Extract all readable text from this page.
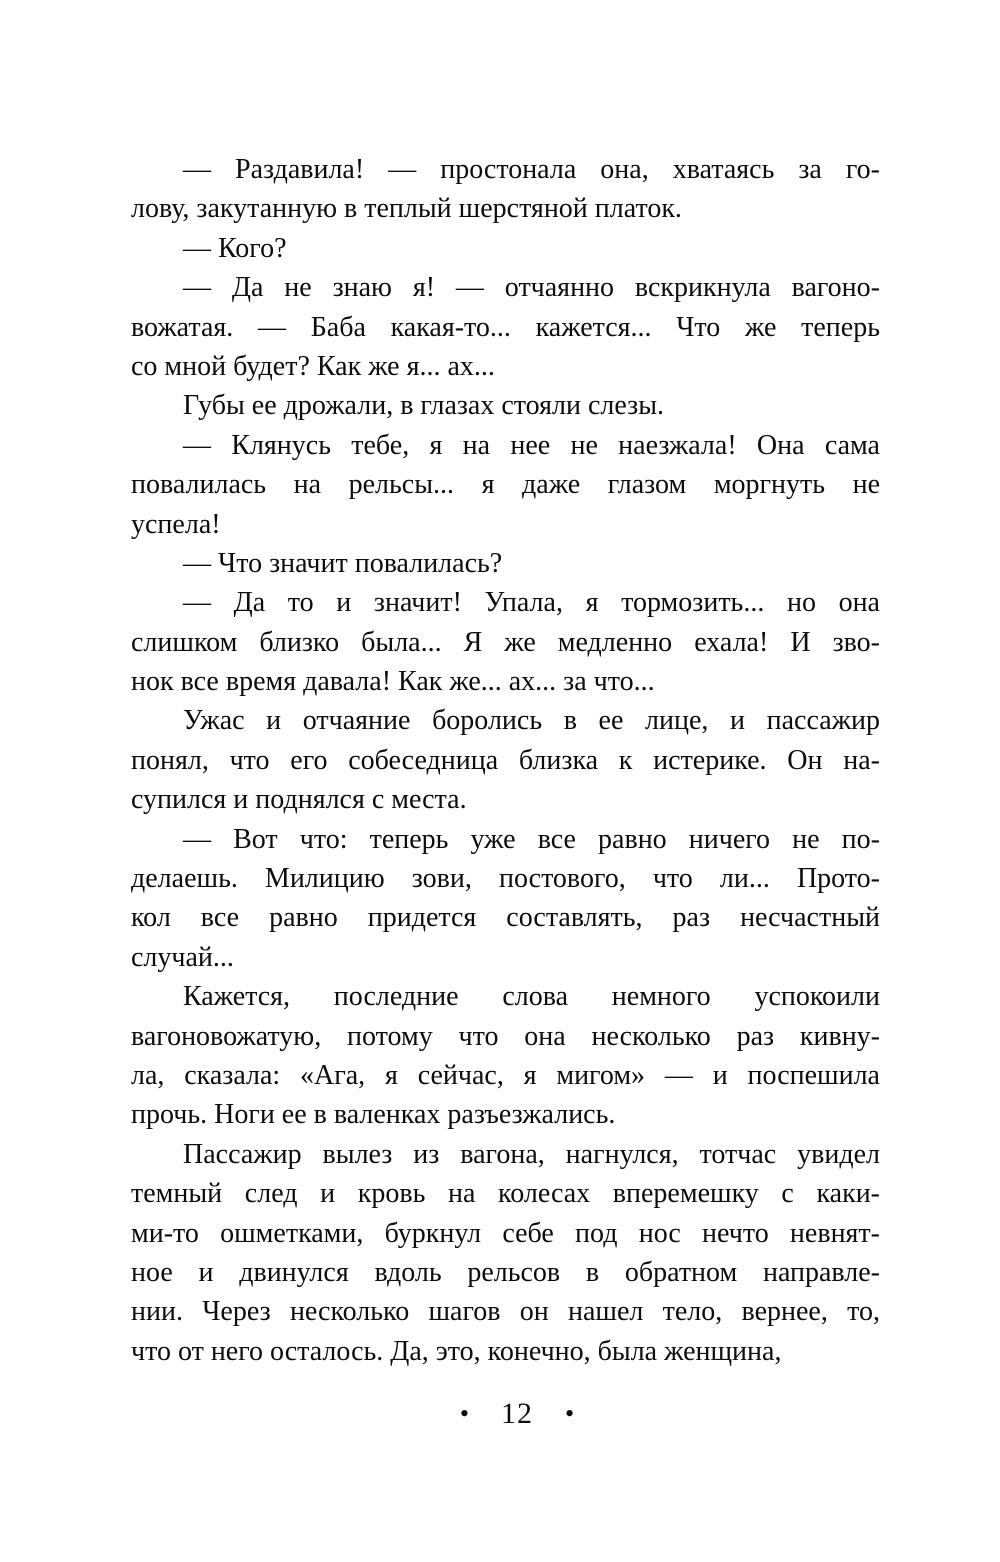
— Раздавила! — простонала она, хватаясь за го-
лову, закутанную в теплый шерстяной платок.
— Кого?
— Да не знаю я! — отчаянно вскрикнула вагоно-
вожатая. — Баба какая-то... кажется... Что же теперь
со мной будет? Как же я... ах...
Губы ее дрожали, в глазах стояли слезы.
— Клянусь тебе, я на нее не наезжала! Она сама
повалилась на рельсы... я даже глазом моргнуть не
успела!
— Что значит повалилась?
— Да то и значит! Упала, я тормозить... но она
слишком близко была... Я же медленно ехала! И зво-
нок все время давала! Как же... ах... за что...
Ужас и отчаяние боролись в ее лице, и пассажир
понял, что его собеседница близка к истерике. Он на-
супился и поднялся с места.
— Вот что: теперь уже все равно ничего не по-
делаешь. Милицию зови, постового, что ли... Прото-
кол все равно придется составлять, раз несчастный
случай...
Кажется, последние слова немного успокоили
вагоновожатую, потому что она несколько раз кивну-
ла, сказала: «Ага, я сейчас, я мигом» — и поспешила
прочь. Ноги ее в валенках разъезжались.
Пассажир вылез из вагона, нагнулся, тотчас увидел
темный след и кровь на колесах вперемешку с каки-
ми-то ошметками, буркнул себе под нос нечто невнят-
ное и двинулся вдоль рельсов в обратном направле-
нии. Через несколько шагов он нашел тело, вернее, то,
что от него осталось. Да, это, конечно, была женщина,
• 12 •
